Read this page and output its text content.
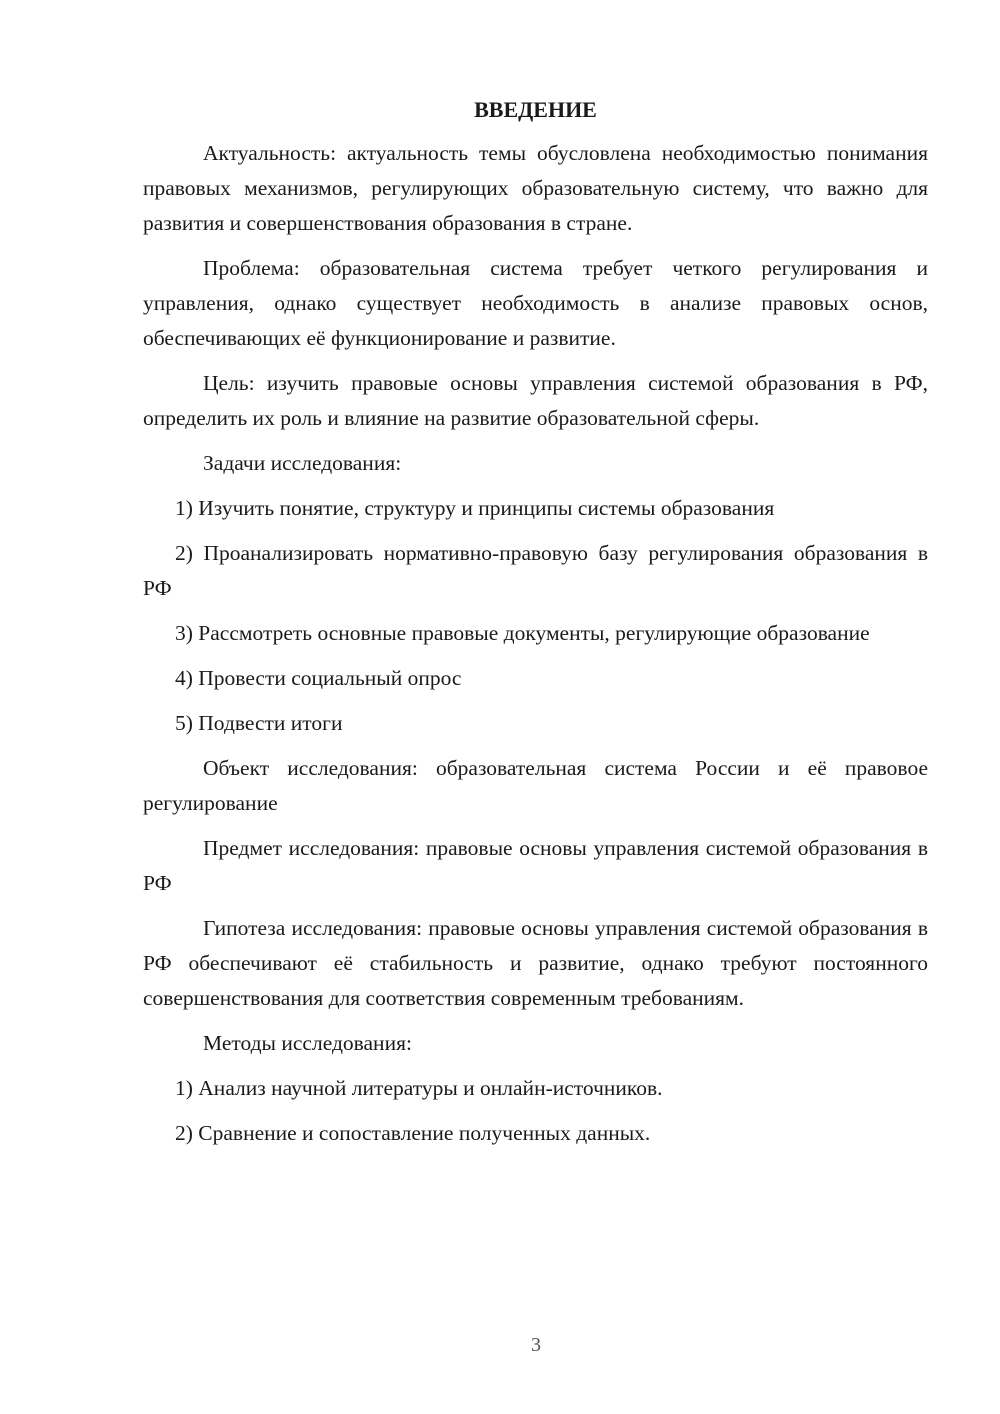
ВВЕДЕНИЕ

Актуальность: актуальность темы обусловлена необходимостью понимания правовых механизмов, регулирующих образовательную систему, что важно для развития и совершенствования образования в стране.

Проблема: образовательная система требует четкого регулирования и управления, однако существует необходимость в анализе правовых основ, обеспечивающих её функционирование и развитие.

Цель: изучить правовые основы управления системой образования в РФ, определить их роль и влияние на развитие образовательной сферы.

Задачи исследования:

1) Изучить понятие, структуру и принципы системы образования

2) Проанализировать нормативно-правовую базу регулирования образования в РФ

3) Рассмотреть основные правовые документы, регулирующие образование

4) Провести социальный опрос

5) Подвести итоги

Объект исследования: образовательная система России и её правовое регулирование

Предмет исследования: правовые основы управления системой образования в РФ

Гипотеза исследования: правовые основы управления системой образования в РФ обеспечивают её стабильность и развитие, однако требуют постоянного совершенствования для соответствия современным требованиям.

Методы исследования:

1) Анализ научной литературы и онлайн-источников.

2) Сравнение и сопоставление полученных данных.

3
